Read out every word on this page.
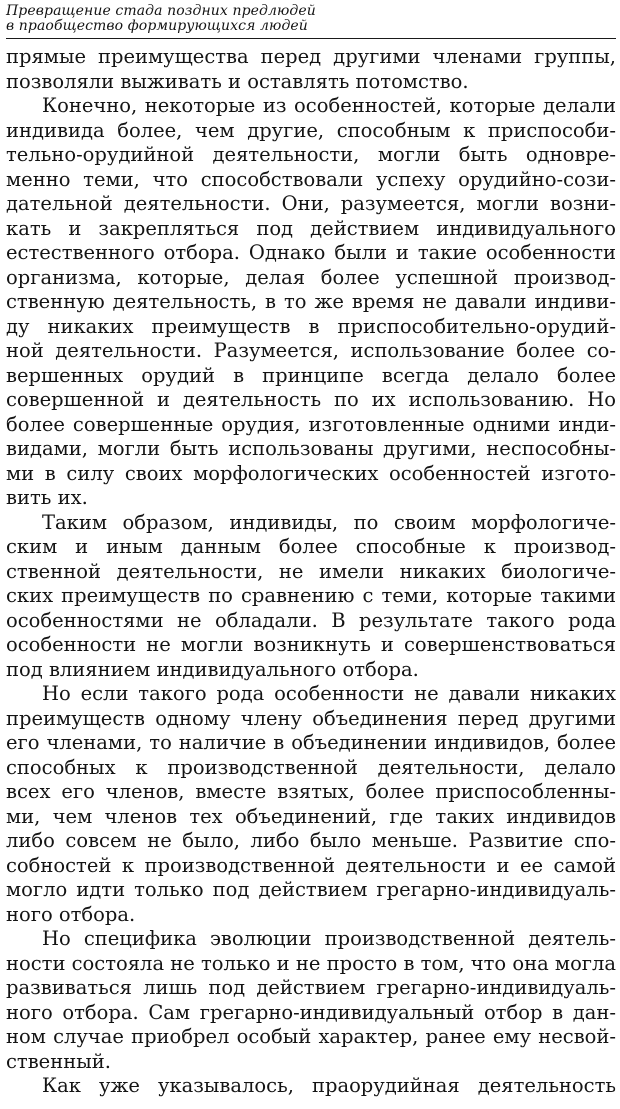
Превращение стада поздних предлюдей
в праобщество формирующихся людей

прямые преимущества перед другими членами группы,
позволяли выживать и оставлять потомство.

Конечно, некоторые из особенностей, которые делали
индивида более, чем другие, способным к приспособи-
тельно-орудийной деятельности, могли быть одновре-
менно теми, что способствовали успеху орудийно-сози-
дательной деятельности. Они, разумеется, могли возни-
кать и закрепляться под действием индивидуального
естественного отбора. Однако были и такие особенности
организма, которые, делая более успешной производ-
ственную деятельность, в то же время не давали индиви-
ду никаких преимуществ в приспособительно-орудий-
ной деятельности. Разумеется, использование более со-
вершенных орудий в принципе всегда делало более
совершенной и деятельность по их использованию. Но
более совершенные орудия, изготовленные одними инди-
видами, могли быть использованы другими, неспособны-
ми в силу своих морфологических особенностей изгото-
вить их.

Таким образом, индивиды, по своим морфологиче-
ским и иным данным более способные к производ-
ственной деятельности, не имели никаких биологиче-
ских преимуществ по сравнению с теми, которые такими
особенностями не обладали. В результате такого рода
особенности не могли возникнуть и совершенствоваться
под влиянием индивидуального отбора.

Но если такого рода особенности не давали никаких
преимуществ одному члену объединения перед другими
его членами, то наличие в объединении индивидов, более
способных к производственной деятельности, делало
всех его членов, вместе взятых, более приспособленны-
ми, чем членов тех объединений, где таких индивидов
либо совсем не было, либо было меньше. Развитие спо-
собностей к производственной деятельности и ее самой
могло идти только под действием грегарно-индивидуаль-
ного отбора.

Но специфика эволюции производственной деятель-
ности состояла не только и не просто в том, что она могла
развиваться лишь под действием грегарно-индивидуаль-
ного отбора. Сам грегарно-индивидуальный отбор в дан-
ном случае приобрел особый характер, ранее ему несвой-
ственный.

Как уже указывалось, праорудийная деятельность
